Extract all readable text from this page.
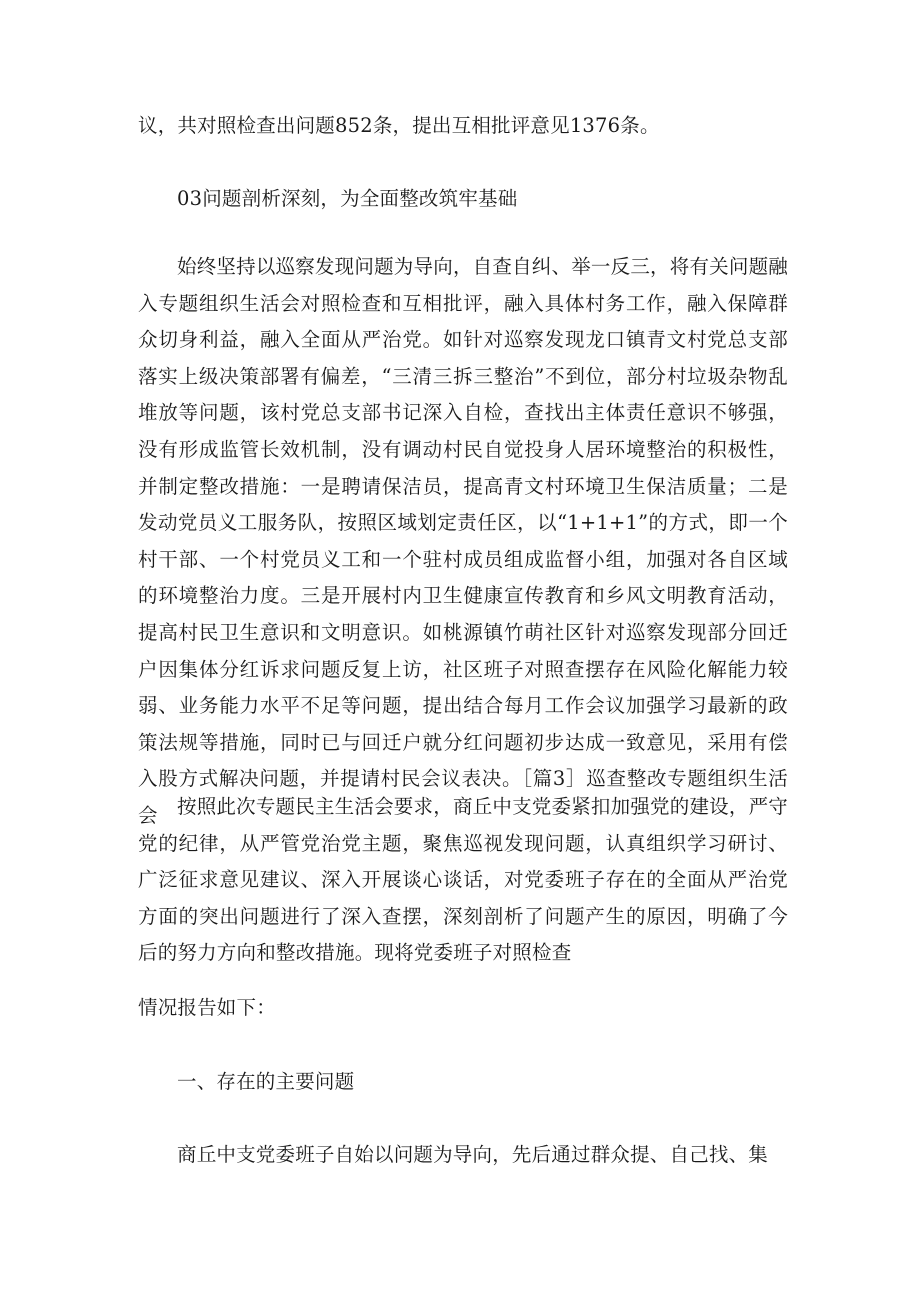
议，共对照检查出问题852条，提出互相批评意见1376条。
03问题剖析深刻，为全面整改筑牢基础
始终坚持以巡察发现问题为导向，自查自纠、举一反三，将有关问题融入专题组织生活会对照检查和互相批评，融入具体村务工作，融入保障群众切身利益，融入全面从严治党。如针对巡察发现龙口镇青文村党总支部落实上级决策部署有偏差，“三清三拆三整治”不到位，部分村垃圾杂物乱堆放等问题，该村党总支部书记深入自检，查找出主体责任意识不够强，没有形成监管长效机制，没有调动村民自觉投身人居环境整治的积极性，并制定整改措施：一是聘请保洁员，提高青文村环境卫生保洁质量；二是发动党员义工服务队，按照区域划定责任区，以“1+1+1”的方式，即一个村干部、一个村党员义工和一个驻村成员组成监督小组，加强对各自区域的环境整治力度。三是开展村内卫生健康宣传教育和乡风文明教育活动，提高村民卫生意识和文明意识。如桃源镇竹萌社区针对巡察发现部分回迁户因集体分红诉求问题反复上访，社区班子对照查摆存在风险化解能力较弱、业务能力水平不足等问题，提出结合每月工作会议加强学习最新的政策法规等措施，同时已与回迁户就分红问题初步达成一致意见，采用有偿入股方式解决问题，并提请村民会议表决。［篇3］巡查整改专题组织生活会 按照此次专题民主生活会要求，商丘中支党委紧扣加强党的建设，严守党的纪律，从严管党治党主题，聚焦巡视发现问题，认真组织学习研讨、广泛征求意见建议、深入开展谈心谈话，对党委班子存在的全面从严治党方面的突出问题进行了深入查摆，深刻剖析了问题产生的原因，明确了今后的努力方向和整改措施。现将党委班子对照检查
情况报告如下：
一、存在的主要问题
商丘中支党委班子自始以问题为导向，先后通过群众提、自己找、集
